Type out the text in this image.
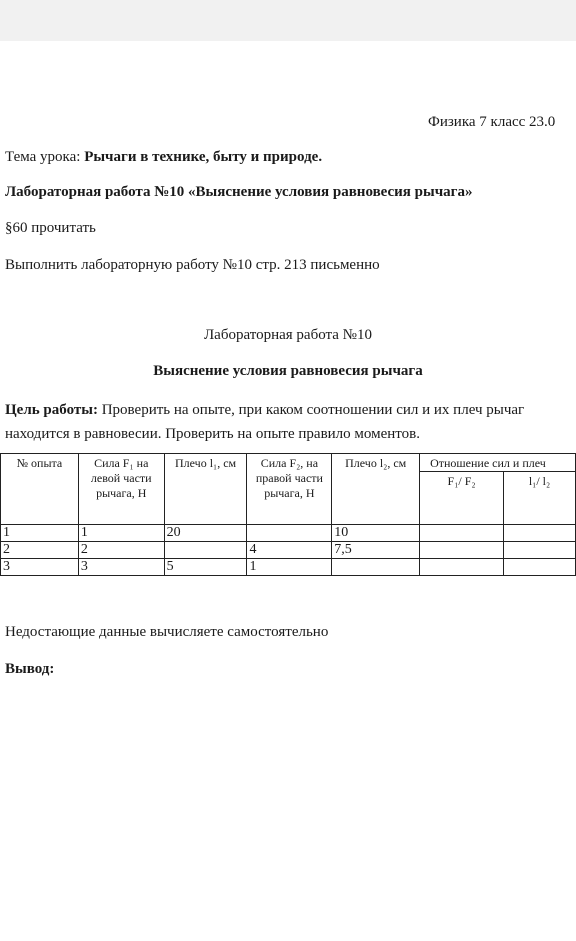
Физика 7 класс 23.0
Тема урока: Рычаги в технике, быту и природе.
Лабораторная работа №10 «Выяснение условия равновесия рычага»
§60 прочитать
Выполнить лабораторную работу №10 стр. 213 письменно
Лабораторная работа №10
Выяснение условия равновесия рычага
Цель работы: Проверить на опыте, при каком соотношении сил и их плеч рычаг находится в равновесии. Проверить на опыте правило моментов.
№ опыта	Сила F₁ на левой части рычага, Н	Плечо l₁, см	Сила F₂, на правой части рычага, Н	Плечо l₂, см	Отношение сил и плеч	
					F₁/ F₂	l₁/ l₂
1	1	20		10		
2	2		4	7,5		
3	3	5	1			
Недостающие данные вычисляете самостоятельно
Вывод:
